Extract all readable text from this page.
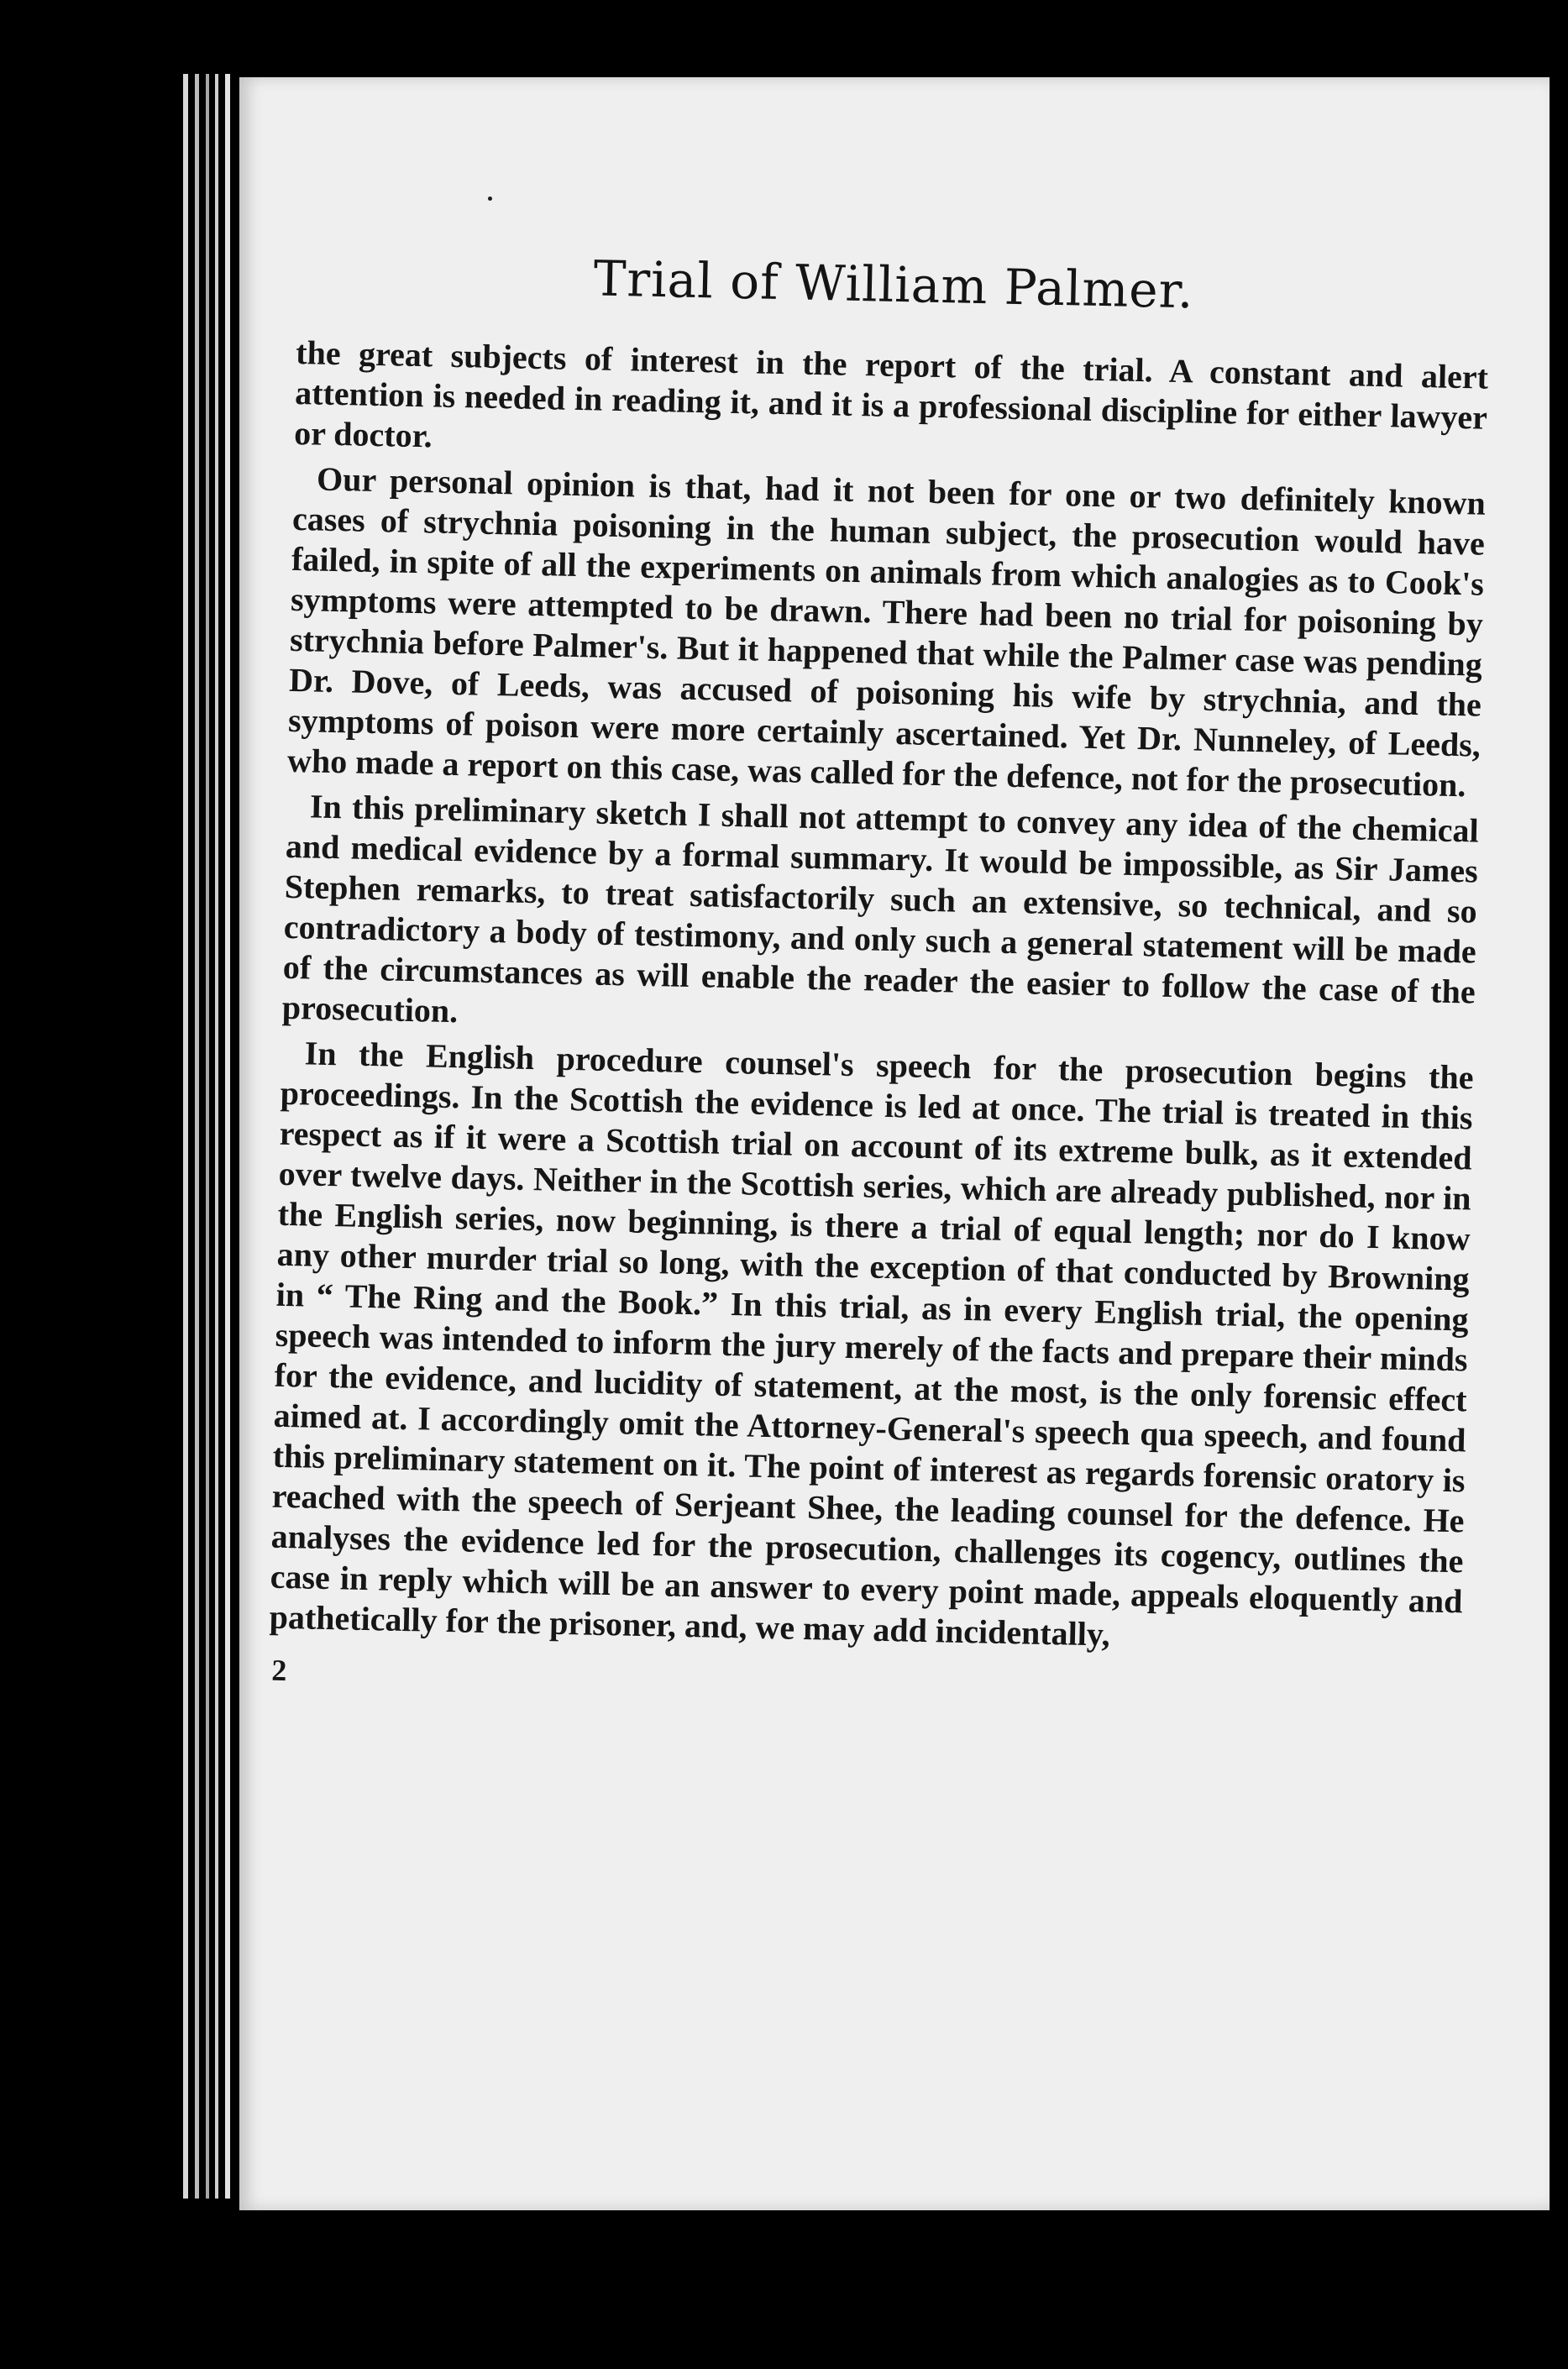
Trial of William Palmer.

the great subjects of interest in the report of the trial. A constant and alert attention is needed in reading it, and it is a professional discipline for either lawyer or doctor.

Our personal opinion is that, had it not been for one or two definitely known cases of strychnia poisoning in the human subject, the prosecution would have failed, in spite of all the experiments on animals from which analogies as to Cook's symptoms were attempted to be drawn. There had been no trial for poisoning by strychnia before Palmer's. But it happened that while the Palmer case was pending Dr. Dove, of Leeds, was accused of poisoning his wife by strychnia, and the symptoms of poison were more certainly ascertained. Yet Dr. Nunneley, of Leeds, who made a report on this case, was called for the defence, not for the prosecution.

In this preliminary sketch I shall not attempt to convey any idea of the chemical and medical evidence by a formal summary. It would be impossible, as Sir James Stephen remarks, to treat satisfactorily such an extensive, so technical, and so contradictory a body of testimony, and only such a general statement will be made of the circumstances as will enable the reader the easier to follow the case of the prosecution.

In the English procedure counsel's speech for the prosecution begins the proceedings. In the Scottish the evidence is led at once. The trial is treated in this respect as if it were a Scottish trial on account of its extreme bulk, as it extended over twelve days. Neither in the Scottish series, which are already published, nor in the English series, now beginning, is there a trial of equal length; nor do I know any other murder trial so long, with the exception of that conducted by Browning in “ The Ring and the Book.” In this trial, as in every English trial, the opening speech was intended to inform the jury merely of the facts and prepare their minds for the evidence, and lucidity of statement, at the most, is the only forensic effect aimed at. I accordingly omit the Attorney-General's speech qua speech, and found this preliminary statement on it. The point of interest as regards forensic oratory is reached with the speech of Serjeant Shee, the leading counsel for the defence. He analyses the evidence led for the prosecution, challenges its cogency, outlines the case in reply which will be an answer to every point made, appeals eloquently and pathetically for the prisoner, and, we may add incidentally,

2
